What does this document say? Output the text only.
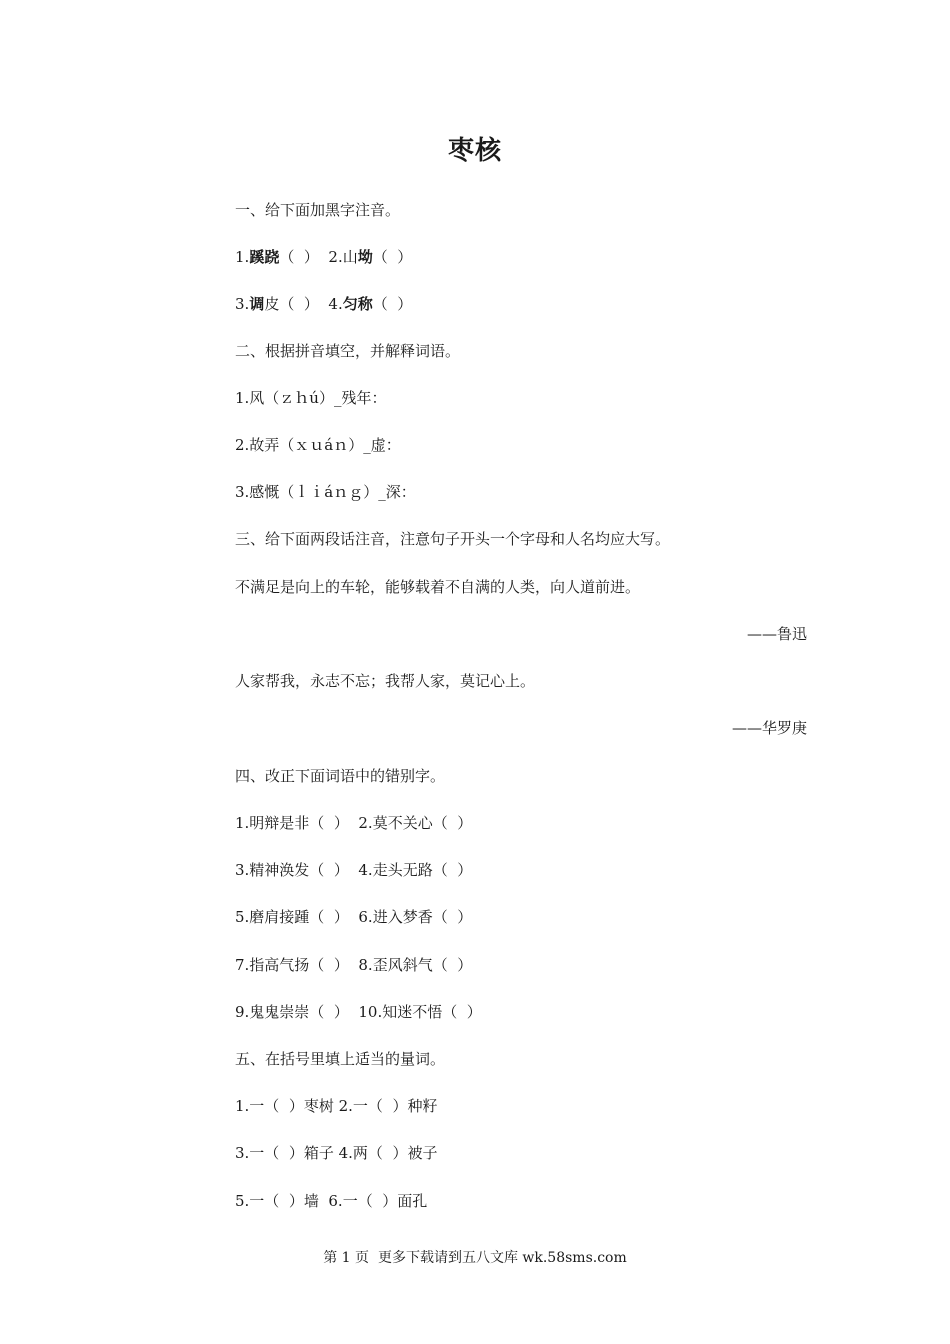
枣核
一、给下面加黑字注音。
1.蹊跷（  ）  2.山坳（  ）
3.调皮（  ）  4.匀称（  ）
二、根据拼音填空，并解释词语。
1.风（ｚｈú）_残年：
2.故弄（ｘｕáｎ）_虚：
3.感慨（ｌｉáｎｇ）_深：
三、给下面两段话注音，注意句子开头一个字母和人名均应大写。
不满足是向上的车轮，能够载着不自满的人类，向人道前进。
——鲁迅
人家帮我，永志不忘；我帮人家，莫记心上。
——华罗庚
四、改正下面词语中的错别字。
1.明辩是非（  ）  2.莫不关心（  ）
3.精神涣发（  ）  4.走头无路（  ）
5.磨肩接踵（  ）  6.进入梦香（  ）
7.指高气扬（  ）  8.歪风斜气（  ）
9.鬼鬼崇崇（  ）  10.知迷不悟（  ）
五、在括号里填上适当的量词。
1.一（  ）枣树 2.一（  ）种籽
3.一（  ）箱子 4.两（  ）被子
5.一（  ）墙  6.一（  ）面孔
第 1 页  更多下载请到五八文库 wk.58sms.com
